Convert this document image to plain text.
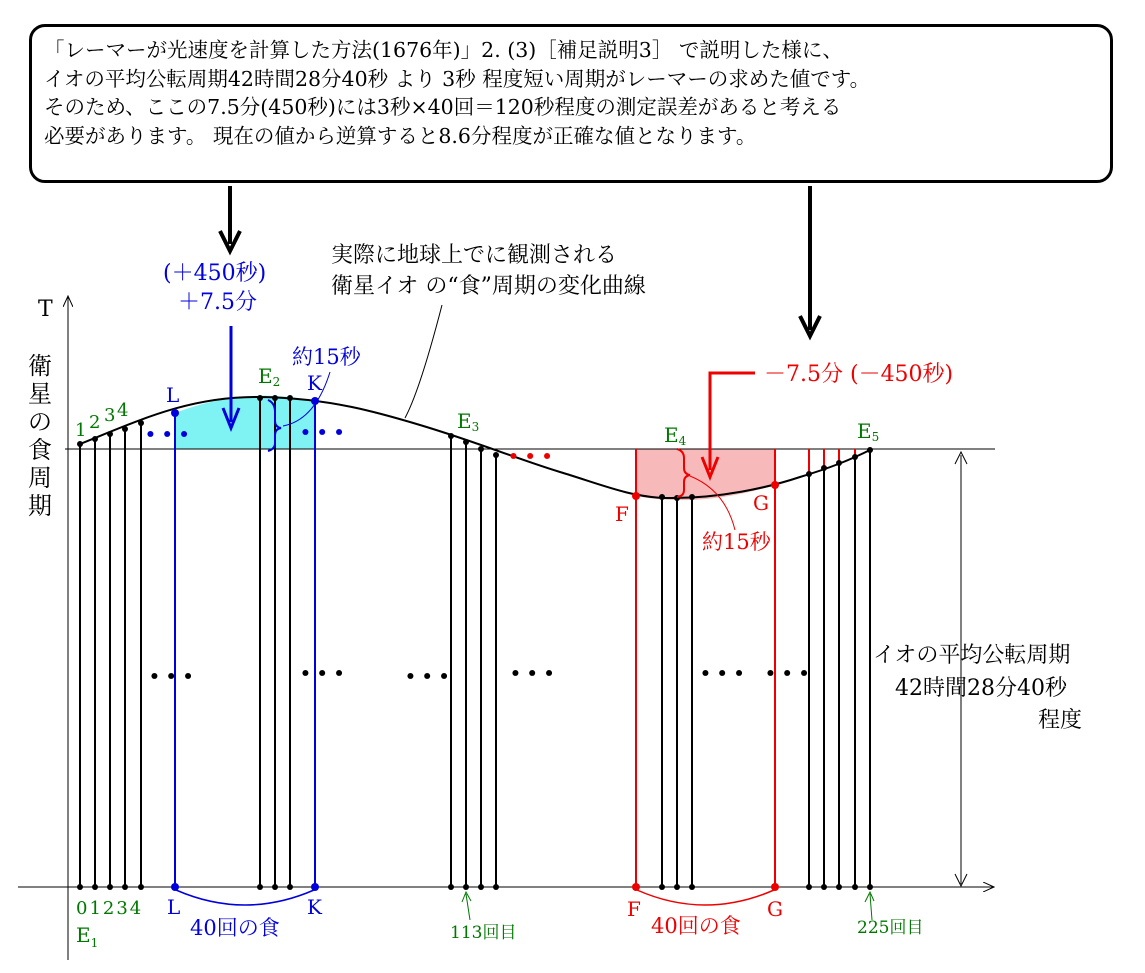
「レーマーが光速度を計算した方法(1676年)」2. (3)［補足説明3］ で説明した様に、
イオの平均公転周期42時間28分40秒 より 3秒 程度短い周期がレーマーの求めた値です。
そのため、ここの7.5分(450秒)には3秒×40回＝120秒程度の測定誤差があると考える
必要があります。 現在の値から逆算すると8.6分程度が正確な値となります。
T
衛
星
の
食
周
期
実際に地球上でに観測される
衛星イオ の“食”周期の変化曲線
(＋450秒)
＋7.5分
－7.5分 (－450秒)
約15秒
約15秒
L	K
F	G
L	K	F	G
• • •	• • •
• • •
• • •	• • •	• • •	• • •	• • • • • •
1 2 3 4
01234
$E_1$
E2
E3	E4	E5
40回の食	40回の食
113回目	225回目
イオの平均公転周期
42時間28分40秒
程度
